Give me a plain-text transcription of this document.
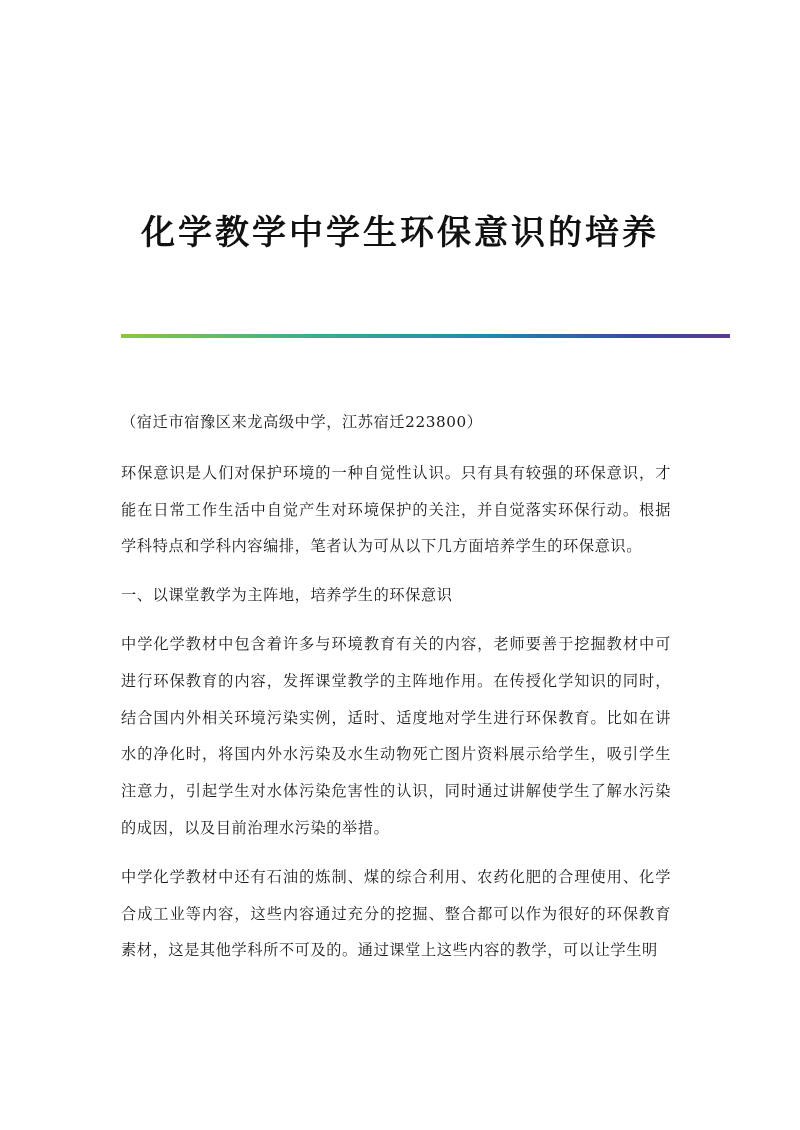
化学教学中学生环保意识的培养

（宿迁市宿豫区来龙高级中学，江苏宿迁223800）

环保意识是人们对保护环境的一种自觉性认识。只有具有较强的环保意识，才能在日常工作生活中自觉产生对环境保护的关注，并自觉落实环保行动。根据学科特点和学科内容编排，笔者认为可从以下几方面培养学生的环保意识。

一、以课堂教学为主阵地，培养学生的环保意识

中学化学教材中包含着许多与环境教育有关的内容，老师要善于挖掘教材中可进行环保教育的内容，发挥课堂教学的主阵地作用。在传授化学知识的同时，结合国内外相关环境污染实例，适时、适度地对学生进行环保教育。比如在讲水的净化时，将国内外水污染及水生动物死亡图片资料展示给学生，吸引学生注意力，引起学生对水体污染危害性的认识，同时通过讲解使学生了解水污染的成因，以及目前治理水污染的举措。

中学化学教材中还有石油的炼制、煤的综合利用、农药化肥的合理使用、化学合成工业等内容，这些内容通过充分的挖掘、整合都可以作为很好的环保教育素材，这是其他学科所不可及的。通过课堂上这些内容的教学，可以让学生明
